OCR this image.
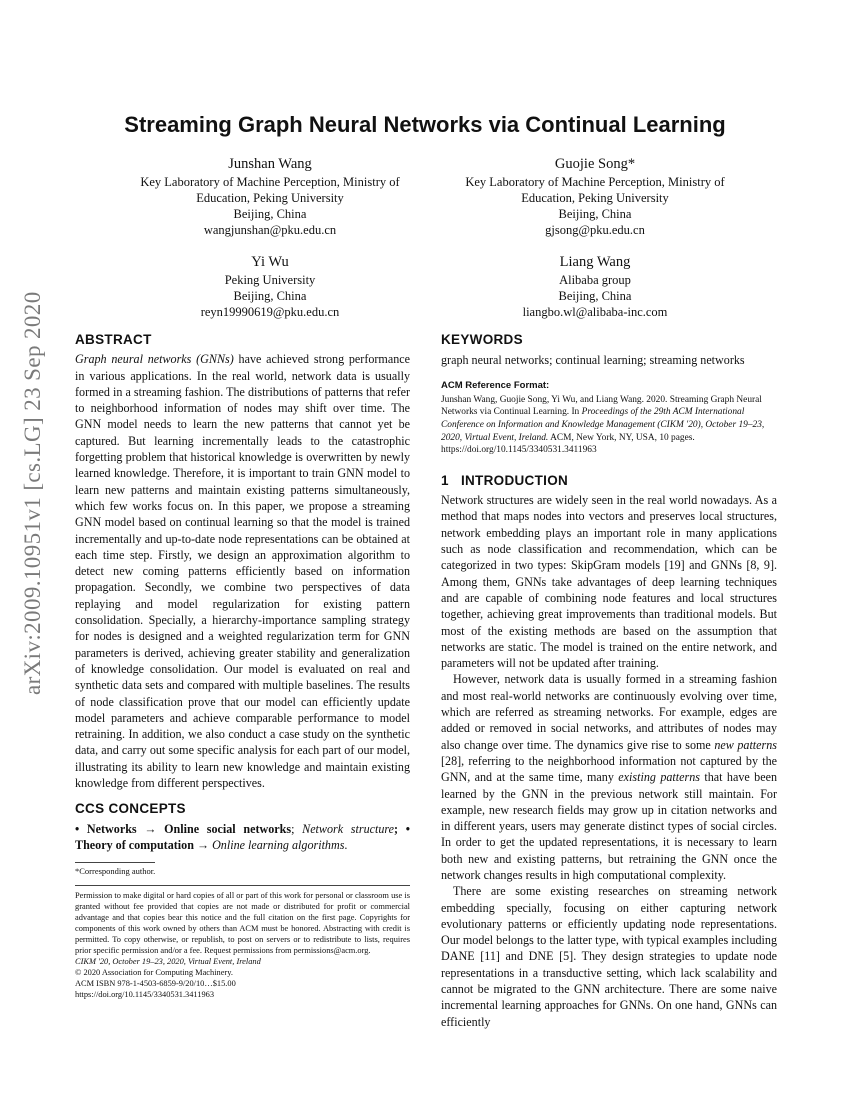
arXiv:2009.10951v1 [cs.LG] 23 Sep 2020
Streaming Graph Neural Networks via Continual Learning
Junshan Wang
Key Laboratory of Machine Perception, Ministry of
Education, Peking University
Beijing, China
wangjunshan@pku.edu.cn
Guojie Song*
Key Laboratory of Machine Perception, Ministry of
Education, Peking University
Beijing, China
gjsong@pku.edu.cn
Yi Wu
Peking University
Beijing, China
reyn19990619@pku.edu.cn
Liang Wang
Alibaba group
Beijing, China
liangbo.wl@alibaba-inc.com
ABSTRACT

Graph neural networks (GNNs) have achieved strong performance in various applications. In the real world, network data is usually formed in a streaming fashion. The distributions of patterns that refer to neighborhood information of nodes may shift over time. The GNN model needs to learn the new patterns that cannot yet be captured. But learning incrementally leads to the catastrophic forgetting problem that historical knowledge is overwritten by newly learned knowledge. Therefore, it is important to train GNN model to learn new patterns and maintain existing patterns simultaneously, which few works focus on. In this paper, we propose a streaming GNN model based on continual learning so that the model is trained incrementally and up-to-date node representations can be obtained at each time step. Firstly, we design an approximation algorithm to detect new coming patterns efficiently based on information propagation. Secondly, we combine two perspectives of data replaying and model regularization for existing pattern consolidation. Specially, a hierarchy-importance sampling strategy for nodes is designed and a weighted regularization term for GNN parameters is derived, achieving greater stability and generalization of knowledge consolidation. Our model is evaluated on real and synthetic data sets and compared with multiple baselines. The results of node classification prove that our model can efficiently update model parameters and achieve comparable performance to model retraining. In addition, we also conduct a case study on the synthetic data, and carry out some specific analysis for each part of our model, illustrating its ability to learn new knowledge and maintain existing knowledge from different perspectives.

CCS CONCEPTS

• Networks → Online social networks; Network structure; • Theory of computation → Online learning algorithms.

*Corresponding author.
Permission to make digital or hard copies of all or part of this work for personal or classroom use is granted without fee provided that copies are not made or distributed for profit or commercial advantage and that copies bear this notice and the full citation on the first page. Copyrights for components of this work owned by others than ACM must be honored. Abstracting with credit is permitted. To copy otherwise, or republish, to post on servers or to redistribute to lists, requires prior specific permission and/or a fee. Request permissions from permissions@acm.org.
CIKM '20, October 19–23, 2020, Virtual Event, Ireland
© 2020 Association for Computing Machinery.
ACM ISBN 978-1-4503-6859-9/20/10…$15.00
https://doi.org/10.1145/3340531.3411963
KEYWORDS

graph neural networks; continual learning; streaming networks

ACM Reference Format:

Junshan Wang, Guojie Song, Yi Wu, and Liang Wang. 2020. Streaming Graph Neural Networks via Continual Learning. In Proceedings of the 29th ACM International Conference on Information and Knowledge Management (CIKM '20), October 19–23, 2020, Virtual Event, Ireland. ACM, New York, NY, USA, 10 pages. https://doi.org/10.1145/3340531.3411963

1   INTRODUCTION

Network structures are widely seen in the real world nowadays. As a method that maps nodes into vectors and preserves local structures, network embedding plays an important role in many applications such as node classification and recommendation, which can be categorized in two types: SkipGram models [19] and GNNs [8, 9]. Among them, GNNs take advantages of deep learning techniques and are capable of combining node features and local structures together, achieving great improvements than traditional models. But most of the existing methods are based on the assumption that networks are static. The model is trained on the entire network, and parameters will not be updated after training.

However, network data is usually formed in a streaming fashion and most real-world networks are continuously evolving over time, which are referred as streaming networks. For example, edges are added or removed in social networks, and attributes of nodes may also change over time. The dynamics give rise to some new patterns [28], referring to the neighborhood information not captured by the GNN, and at the same time, many existing patterns that have been learned by the GNN in the previous network still maintain. For example, new research fields may grow up in citation networks and in different years, users may generate distinct types of social circles. In order to get the updated representations, it is necessary to learn both new and existing patterns, but retraining the GNN once the network changes results in high computational complexity.

There are some existing researches on streaming network embedding specially, focusing on either capturing network evolutionary patterns or efficiently updating node representations. Our model belongs to the latter type, with typical examples including DANE [11] and DNE [5]. They design strategies to update node representations in a transductive setting, which lack scalability and cannot be migrated to the GNN architecture. There are some naive incremental learning approaches for GNNs. On one hand, GNNs can efficiently
